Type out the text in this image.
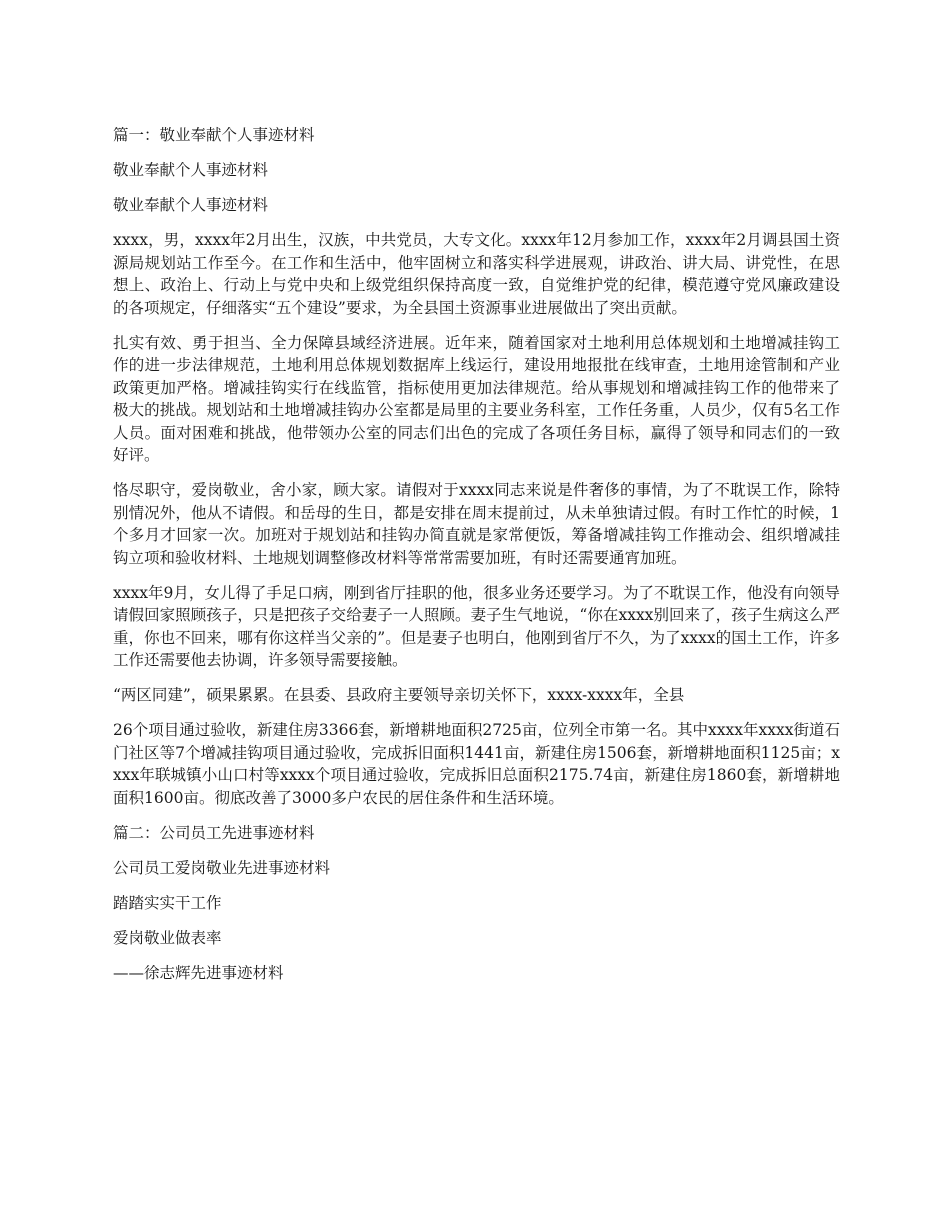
篇一：敬业奉献个人事迹材料

敬业奉献个人事迹材料

敬业奉献个人事迹材料

xxxx，男，xxxx年2月出生，汉族，中共党员，大专文化。xxxx年12月参加工作，xxxx年2月调县国土资源局规划站工作至今。在工作和生活中，他牢固树立和落实科学进展观，讲政治、讲大局、讲党性，在思想上、政治上、行动上与党中央和上级党组织保持高度一致，自觉维护党的纪律，模范遵守党风廉政建设的各项规定，仔细落实“五个建设”要求，为全县国土资源事业进展做出了突出贡献。

扎实有效、勇于担当、全力保障县域经济进展。近年来，随着国家对土地利用总体规划和土地增减挂钩工作的进一步法律规范，土地利用总体规划数据库上线运行，建设用地报批在线审查，土地用途管制和产业政策更加严格。增减挂钩实行在线监管，指标使用更加法律规范。给从事规划和增减挂钩工作的他带来了极大的挑战。规划站和土地增减挂钩办公室都是局里的主要业务科室，工作任务重，人员少，仅有5名工作人员。面对困难和挑战，他带领办公室的同志们出色的完成了各项任务目标，赢得了领导和同志们的一致好评。

恪尽职守，爱岗敬业，舍小家，顾大家。请假对于xxxx同志来说是件奢侈的事情，为了不耽误工作，除特别情况外，他从不请假。和岳母的生日，都是安排在周末提前过，从未单独请过假。有时工作忙的时候，1个多月才回家一次。加班对于规划站和挂钩办简直就是家常便饭，筹备增减挂钩工作推动会、组织增减挂钩立项和验收材料、土地规划调整修改材料等常常需要加班，有时还需要通宵加班。

xxxx年9月，女儿得了手足口病，刚到省厅挂职的他，很多业务还要学习。为了不耽误工作，他没有向领导请假回家照顾孩子，只是把孩子交给妻子一人照顾。妻子生气地说，“你在xxxx别回来了，孩子生病这么严重，你也不回来，哪有你这样当父亲的”。但是妻子也明白，他刚到省厅不久，为了xxxx的国土工作，许多工作还需要他去协调，许多领导需要接触。

“两区同建”，硕果累累。在县委、县政府主要领导亲切关怀下，xxxx-xxxx年，全县

26个项目通过验收，新建住房3366套，新增耕地面积2725亩，位列全市第一名。其中xxxx年xxxx街道石门社区等7个增减挂钩项目通过验收，完成拆旧面积1441亩，新建住房1506套，新增耕地面积1125亩；xxxx年联城镇小山口村等xxxx个项目通过验收，完成拆旧总面积2175.74亩，新建住房1860套，新增耕地面积1600亩。彻底改善了3000多户农民的居住条件和生活环境。

篇二：公司员工先进事迹材料

公司员工爱岗敬业先进事迹材料

踏踏实实干工作

爱岗敬业做表率

——徐志辉先进事迹材料
